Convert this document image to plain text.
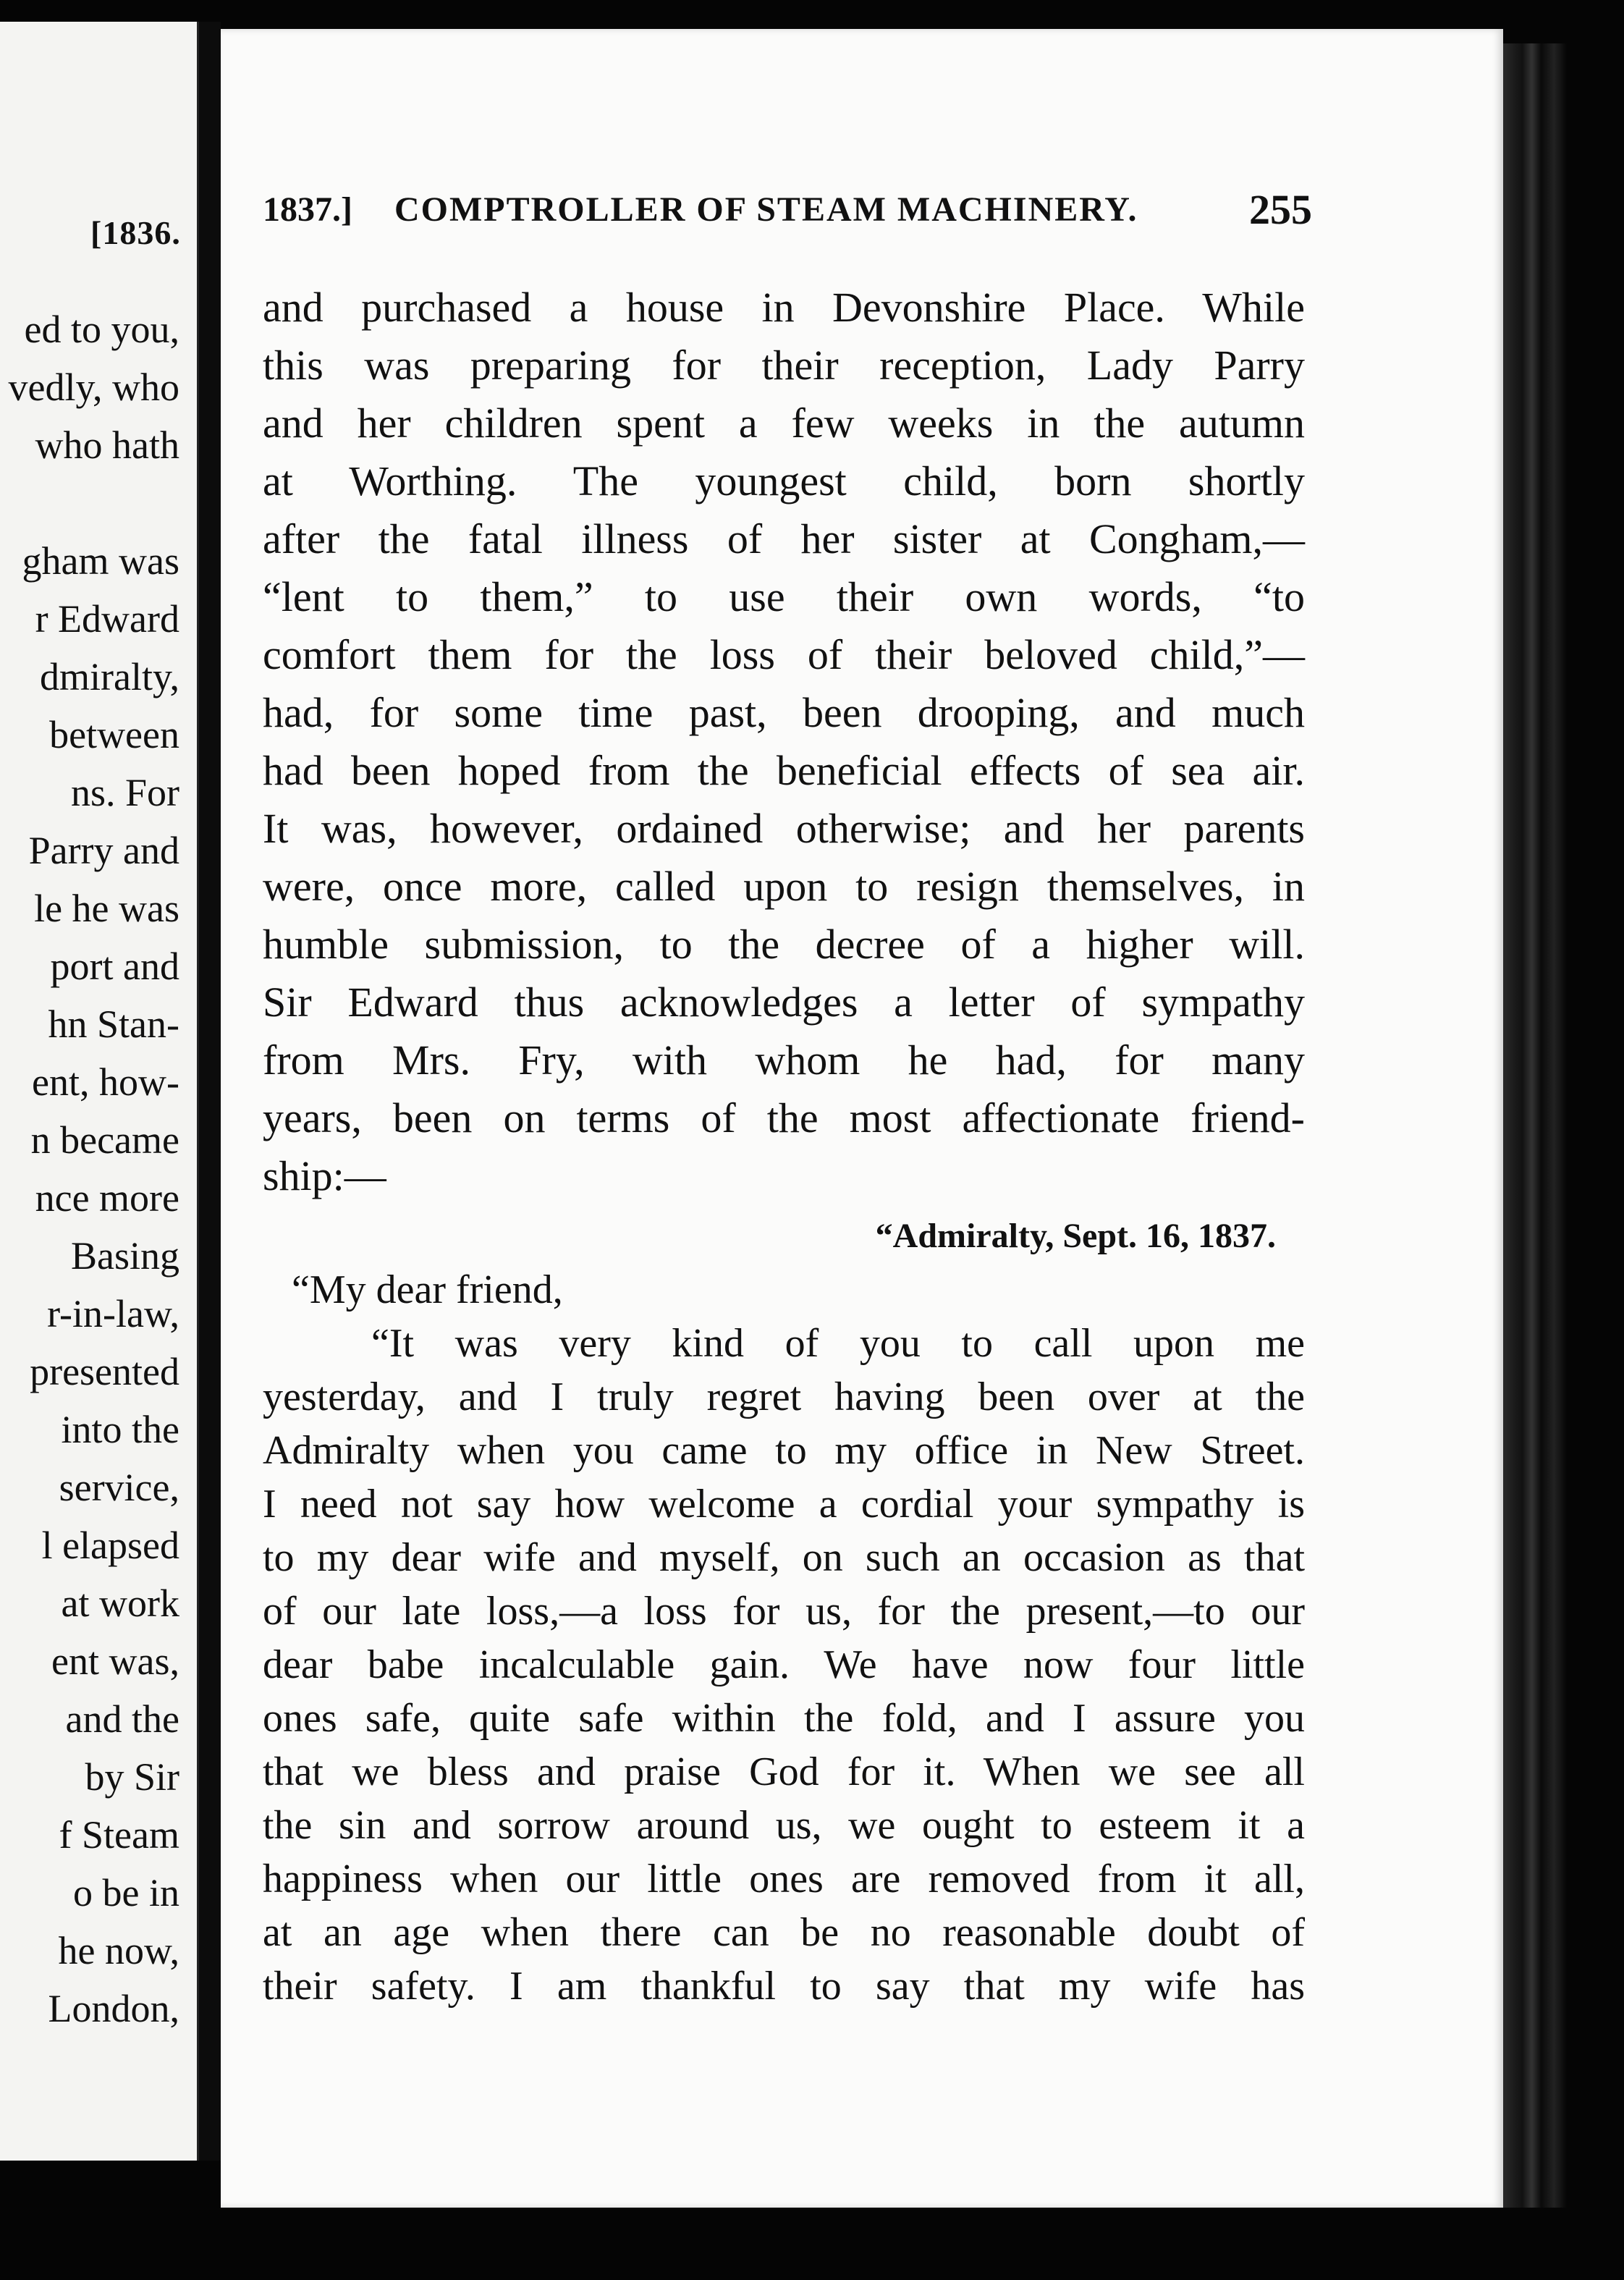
[1836.
ed to you,
vedly, who
who hath
gham was
r Edward
dmiralty,
between
ns. For
Parry and
le he was
port and
hn Stan-
ent, how-
n became
nce more
Basing
r-in-law,
presented
into the
service,
l elapsed
at work
ent was,
and the
by Sir
f Steam
o be in
he now,
London,
1837.] COMPTROLLER OF STEAM MACHINERY.	255
and purchased a house in Devonshire Place. While
this was preparing for their reception, Lady Parry
and her children spent a few weeks in the autumn
at Worthing. The youngest child, born shortly
after the fatal illness of her sister at Congham,—
“lent to them,” to use their own words, “to
comfort them for the loss of their beloved child,”—
had, for some time past, been drooping, and much
had been hoped from the beneficial effects of sea air.
It was, however, ordained otherwise; and her parents
were, once more, called upon to resign themselves, in
humble submission, to the decree of a higher will.
Sir Edward thus acknowledges a letter of sympathy
from Mrs. Fry, with whom he had, for many
years, been on terms of the most affectionate friend-
ship:—
“Admiralty, Sept. 16, 1837.
“My dear friend,
“It was very kind of you to call upon me
yesterday, and I truly regret having been over at the
Admiralty when you came to my office in New Street.
I need not say how welcome a cordial your sympathy is
to my dear wife and myself, on such an occasion as that
of our late loss,—a loss for us, for the present,—to our
dear babe incalculable gain. We have now four little
ones safe, quite safe within the fold, and I assure you
that we bless and praise God for it. When we see all
the sin and sorrow around us, we ought to esteem it a
happiness when our little ones are removed from it all,
at an age when there can be no reasonable doubt of
their safety. I am thankful to say that my wife has
